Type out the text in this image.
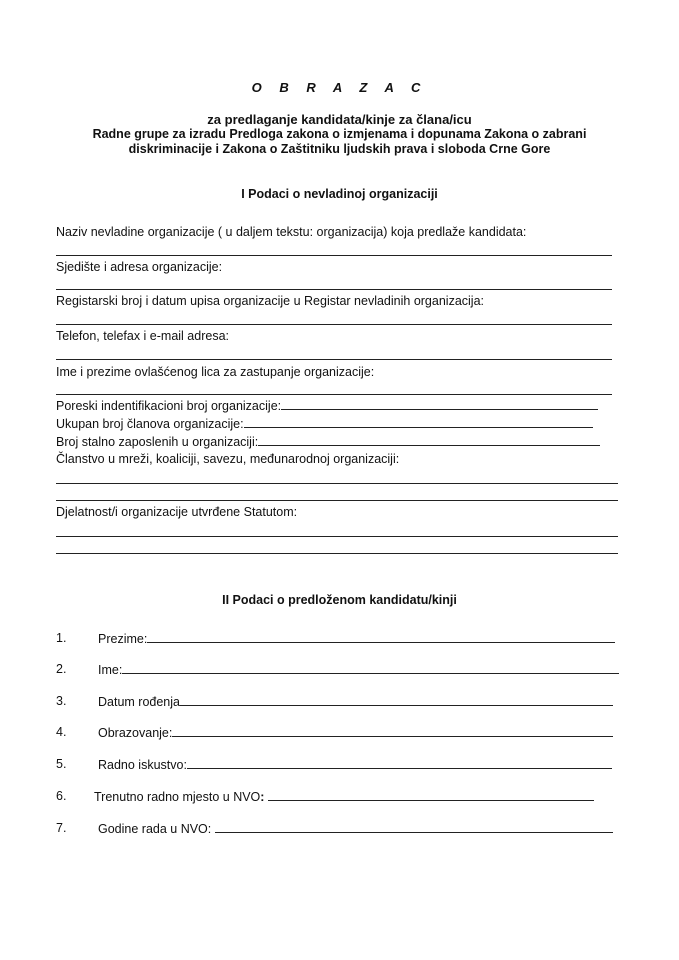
O B R A Z A C
za predlaganje kandidata/kinje za člana/icu
Radne grupe za izradu Predloga zakona o izmjenama i dopunama Zakona o zabrani
diskriminacije i Zakona o Zaštitniku ljudskih prava i sloboda Crne Gore
I Podaci o nevladinoj organizaciji
Naziv nevladine organizacije ( u daljem tekstu: organizacija) koja predlaže kandidata:
Sjedište i adresa organizacije:
Registarski broj i datum upisa organizacije u Registar nevladinih organizacija:
Telefon, telefax i e-mail adresa:
Ime i prezime ovlašćenog lica za zastupanje organizacije:
Poreski indentifikacioni broj organizacije:
Ukupan broj članova organizacije:
Broj stalno zaposlenih u organizaciji:
Članstvo u mreži, koaliciji, savezu, međunarodnoj organizaciji:
Djelatnost/i organizacije utvrđene Statutom:
II Podaci o predloženom kandidatu/kinji
1.	Prezime:
2.	Ime:
3.	Datum rođenja
4.	Obrazovanje:
5.	Radno iskustvo:
6. Trenutno radno mjesto u NVO:
7.	Godine rada u NVO:
